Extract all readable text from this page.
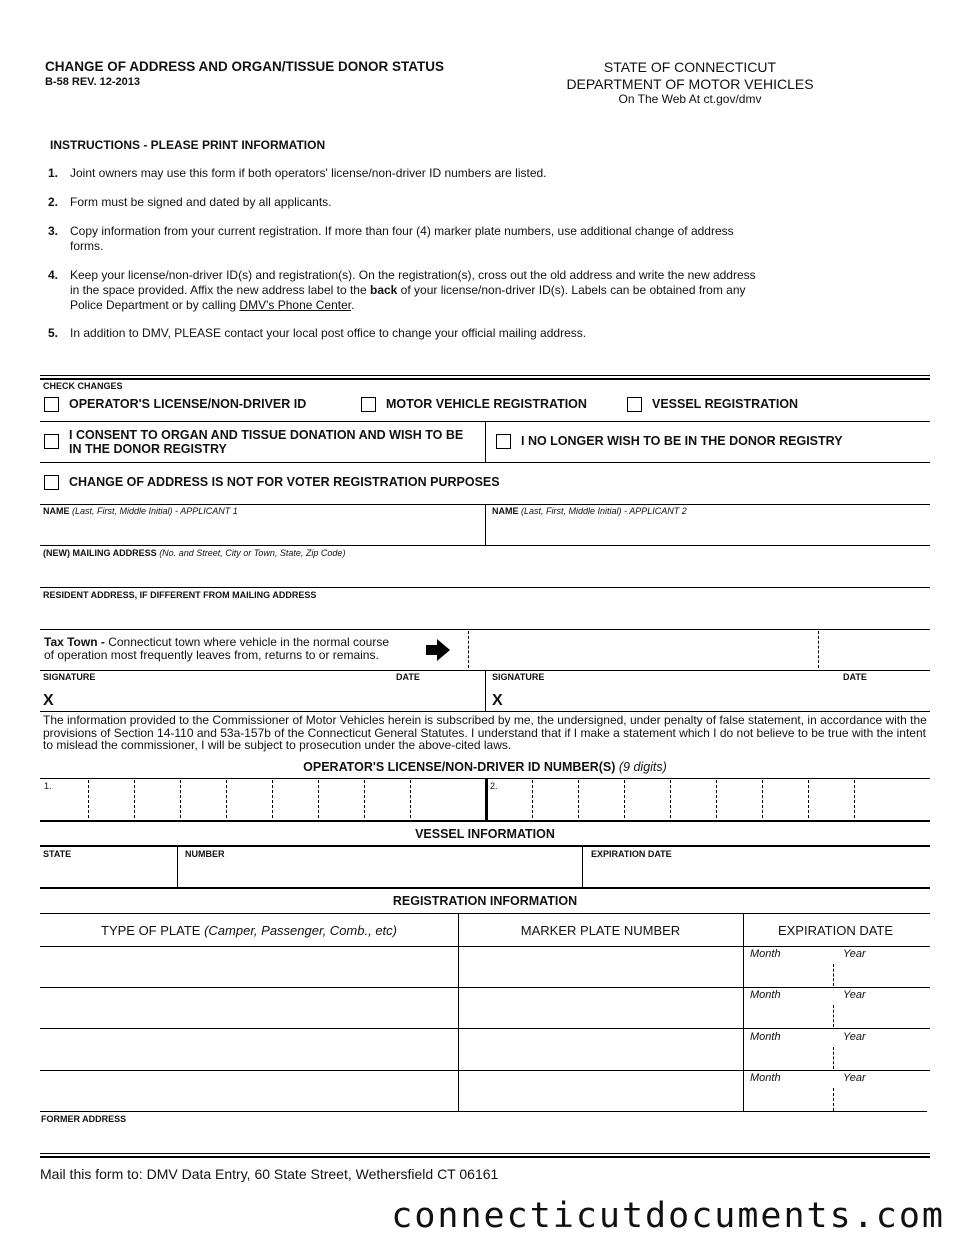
CHANGE OF ADDRESS AND ORGAN/TISSUE DONOR STATUS
B-58 REV. 12-2013
STATE OF CONNECTICUT
DEPARTMENT OF MOTOR VEHICLES
On The Web At ct.gov/dmv
INSTRUCTIONS - PLEASE PRINT INFORMATION
1. Joint owners may use this form if both operators' license/non-driver ID numbers are listed.
2. Form must be signed and dated by all applicants.
3. Copy information from your current registration. If more than four (4) marker plate numbers, use additional change of address forms.
4. Keep your license/non-driver ID(s) and registration(s). On the registration(s), cross out the old address and write the new address in the space provided. Affix the new address label to the back of your license/non-driver ID(s). Labels can be obtained from any Police Department or by calling DMV's Phone Center.
5. In addition to DMV, PLEASE contact your local post office to change your official mailing address.
CHECK CHANGES
OPERATOR'S LICENSE/NON-DRIVER ID	MOTOR VEHICLE REGISTRATION	VESSEL REGISTRATION
I CONSENT TO ORGAN AND TISSUE DONATION AND WISH TO BE
IN THE DONOR REGISTRY
I NO LONGER WISH TO BE IN THE DONOR REGISTRY
CHANGE OF ADDRESS IS NOT FOR VOTER REGISTRATION PURPOSES
NAME (Last, First, Middle Initial) - APPLICANT 1	NAME (Last, First, Middle Initial) - APPLICANT 2
(NEW) MAILING ADDRESS (No. and Street, City or Town, State, Zip Code)
RESIDENT ADDRESS, IF DIFFERENT FROM MAILING ADDRESS
Tax Town - Connecticut town where vehicle in the normal course
of operation most frequently leaves from, returns to or remains.
SIGNATURE	DATE
X
SIGNATURE	DATE
X
The information provided to the Commissioner of Motor Vehicles herein is subscribed by me, the undersigned, under penalty of false statement, in accordance with the provisions of Section 14-110 and 53a-157b of the Connecticut General Statutes. I understand that if I make a statement which I do not believe to be true with the intent to mislead the commissioner, I will be subject to prosecution under the above-cited laws.
OPERATOR'S LICENSE/NON-DRIVER ID NUMBER(S) (9 digits)
1.	2.
VESSEL INFORMATION
STATE	NUMBER	EXPIRATION DATE
REGISTRATION INFORMATION
TYPE OF PLATE (Camper, Passenger, Comb., etc)	MARKER PLATE NUMBER	EXPIRATION DATE
Month	Year
Month	Year
Month	Year
Month	Year
FORMER ADDRESS
Mail this form to: DMV Data Entry, 60 State Street, Wethersfield CT 06161
connecticutdocuments.com
